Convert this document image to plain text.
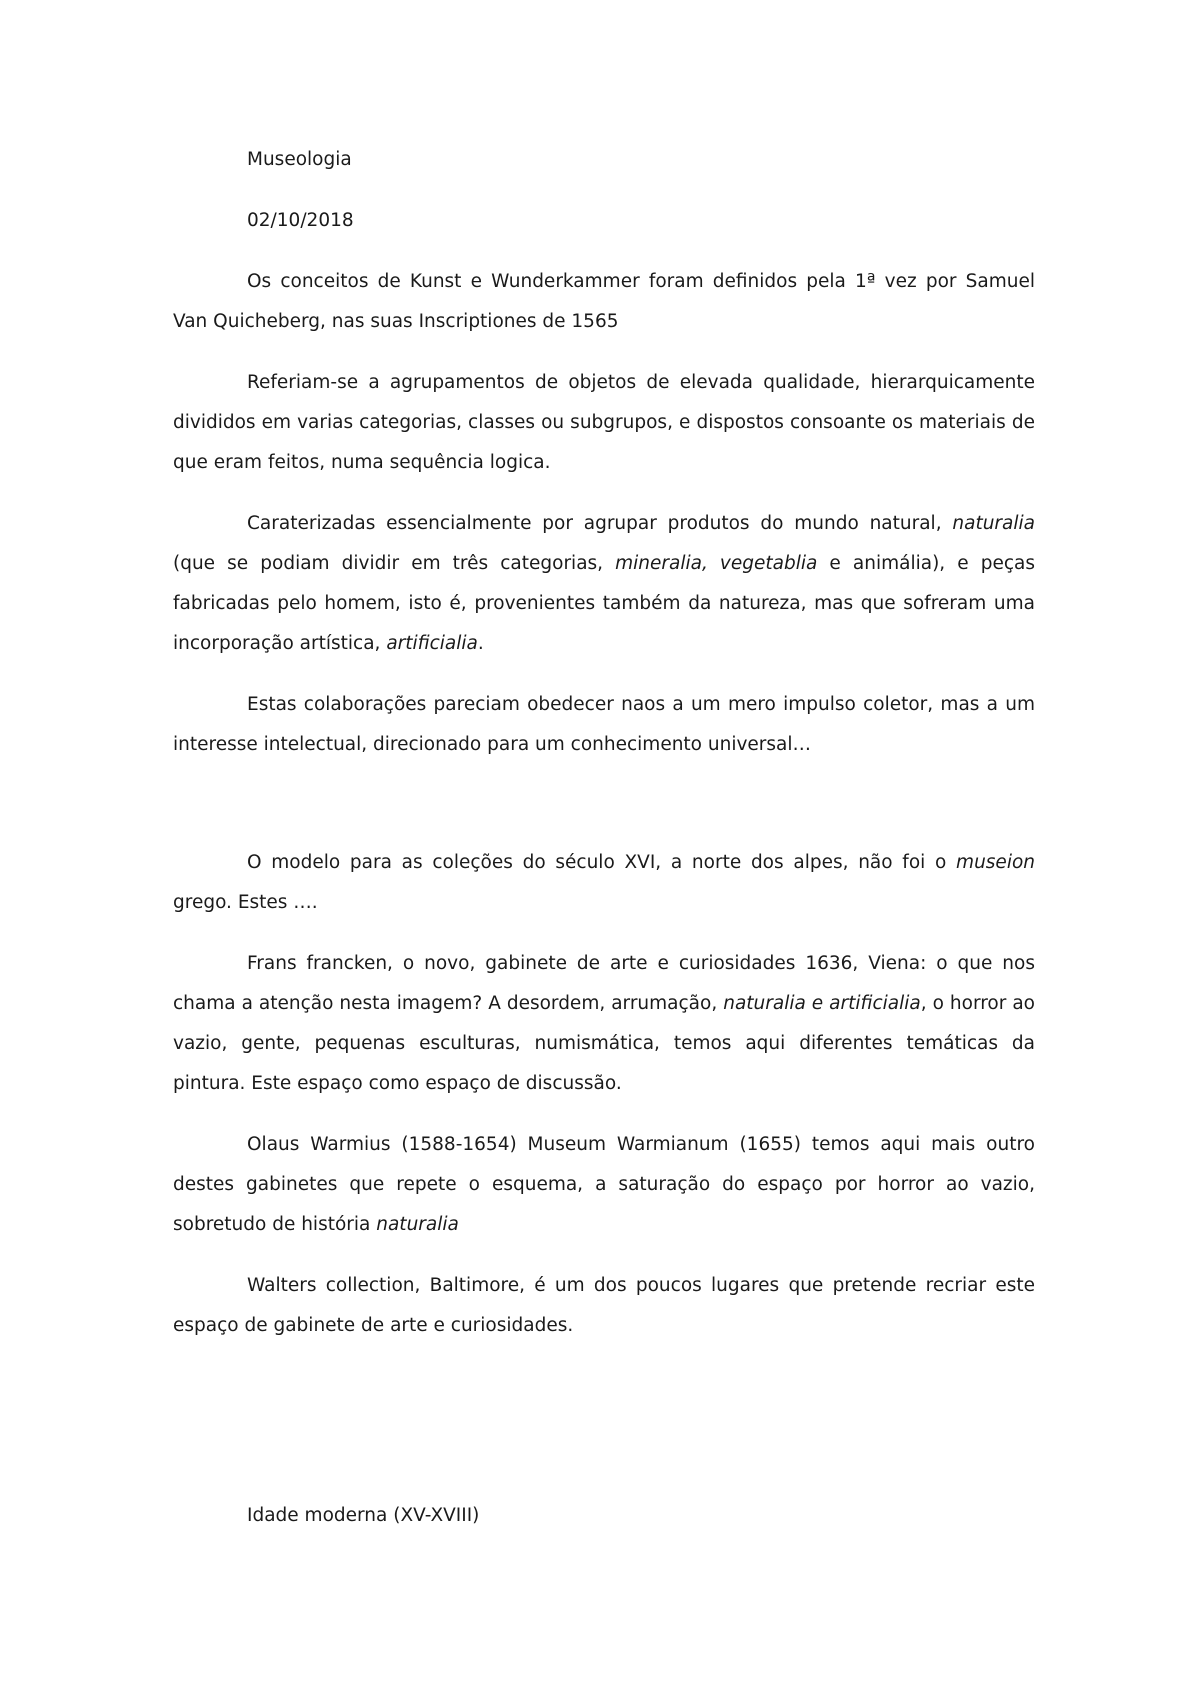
Museologia

02/10/2018

Os conceitos de Kunst e Wunderkammer foram definidos pela 1ª vez por Samuel Van Quicheberg, nas suas Inscriptiones de 1565

Referiam-se a agrupamentos de objetos de elevada qualidade, hierarquicamente divididos em varias categorias, classes ou subgrupos, e dispostos consoante os materiais de que eram feitos, numa sequência logica.

Caraterizadas essencialmente por agrupar produtos do mundo natural, naturalia (que se podiam dividir em três categorias, mineralia, vegetablia e animália), e peças fabricadas pelo homem, isto é, provenientes também da natureza, mas que sofreram uma incorporação artística, artificialia.

Estas colaborações pareciam obedecer naos a um mero impulso coletor, mas a um interesse intelectual, direcionado para um conhecimento universal…

O modelo para as coleções do século XVI, a norte dos alpes, não foi o museion grego. Estes ….

Frans francken, o novo, gabinete de arte e curiosidades 1636, Viena: o que nos chama a atenção nesta imagem? A desordem, arrumação, naturalia e artificialia, o horror ao vazio, gente, pequenas esculturas, numismática, temos aqui diferentes temáticas da pintura. Este espaço como espaço de discussão.

Olaus Warmius (1588-1654) Museum Warmianum (1655) temos aqui mais outro destes gabinetes que repete o esquema, a saturação do espaço por horror ao vazio, sobretudo de história naturalia

Walters collection, Baltimore, é um dos poucos lugares que pretende recriar este espaço de gabinete de arte e curiosidades.

Idade moderna (XV-XVIII)
